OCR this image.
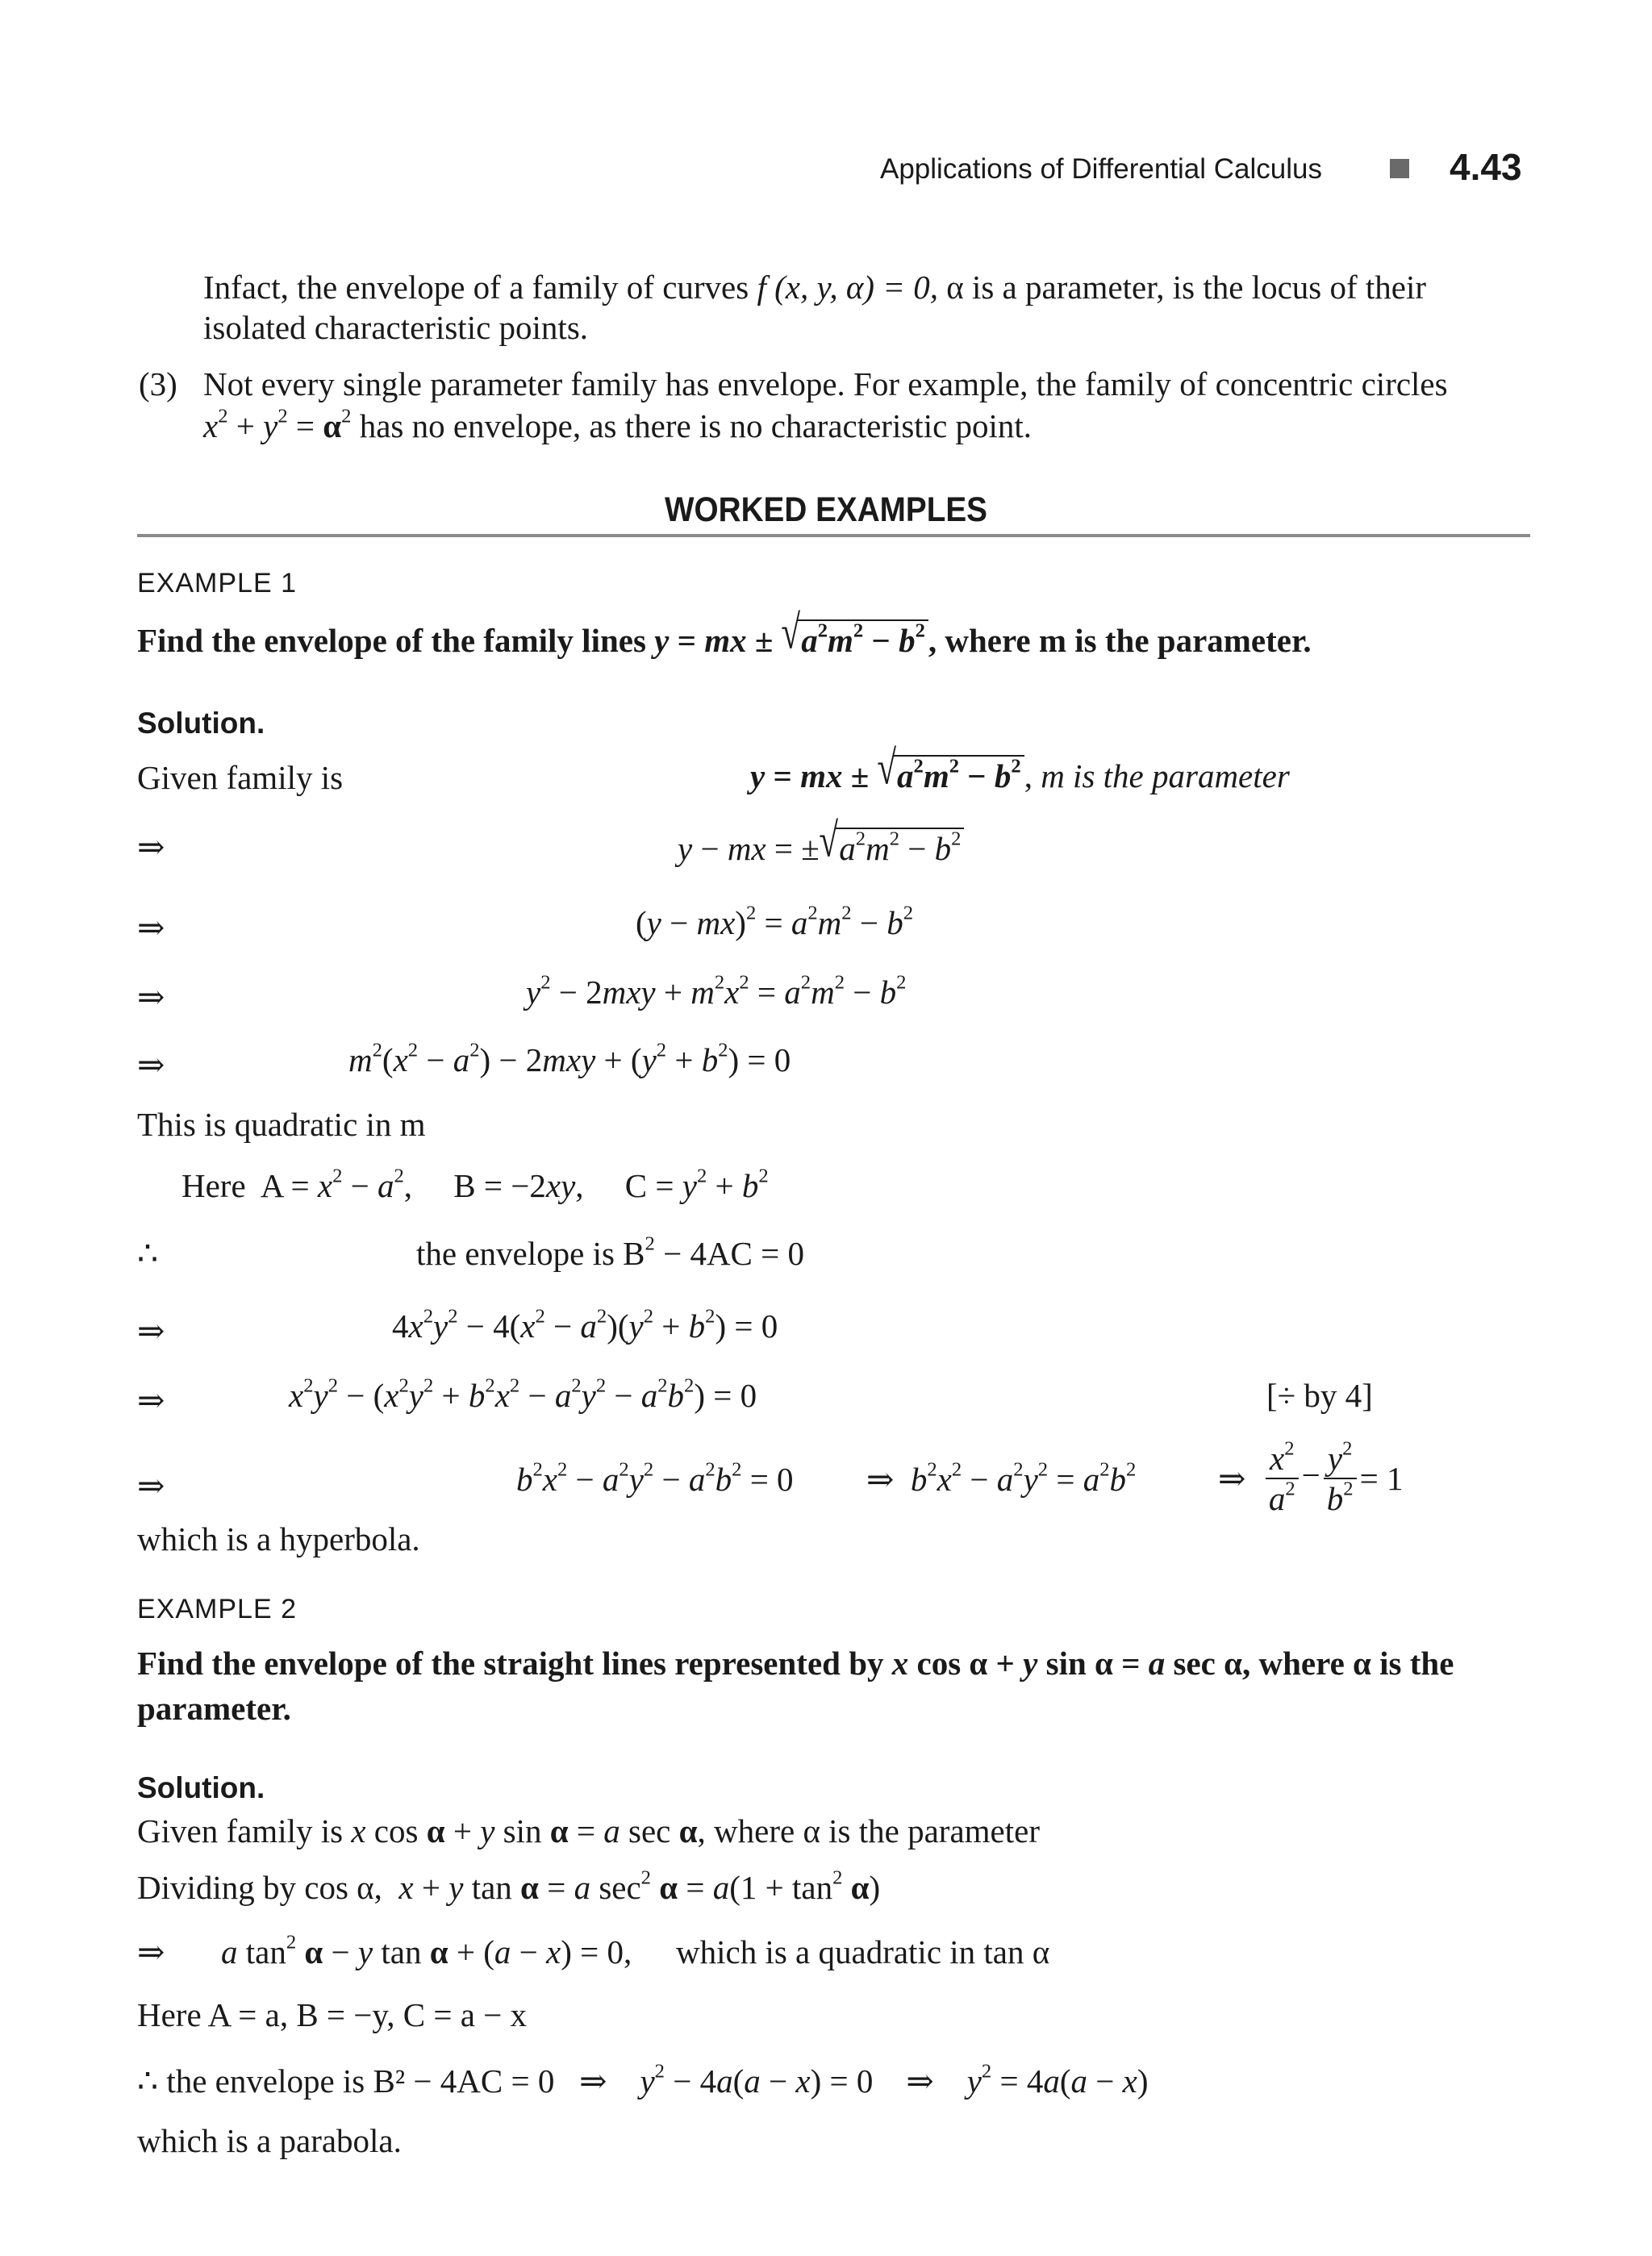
Applications of Differential Calculus	4.43
Infact, the envelope of a family of curves f (x, y, α) = 0, α is a parameter, is the locus of their
isolated characteristic points.
(3) Not every single parameter family has envelope. For example, the family of concentric circles
$x^2 + y^2 = \alpha^2$ has no envelope, as there is no characteristic point.
WORKED EXAMPLES
EXAMPLE 1
Find the envelope of the family lines y = mx ± $√a^2m^2 - b^2$, where m is the parameter.
Solution.
Given family is	y = mx ± $√a^2m^2 - b^2$, m is the parameter
⇒	y − mx = $\pm√a^2m^2 - b^2$
⇒	$(y - mx)^2 = a^2m^2 - b^2$
⇒	$y^2 - 2mxy + m^2x^2 = a^2m^2 - b^2$
⇒	$m^2(x^2 - a^2) - 2mxy + (y^2 + b^2) = 0$
This is quadratic in m
Here  $A = x^2 - a^2$,     B = −2xy,     $C = y^2 + b^2$
∴	the envelope is $B^2 - 4AC = 0$
⇒	$4x^2y^2 - 4(x^2 - a^2)(y^2 + b^2) = 0$
⇒	$x^2y^2 - (x^2y^2 + b^2x^2 - a^2y^2 - a^2b^2) = 0$	[÷ by 4]
⇒	$b^2x^2 - a^2y^2 - a^2b^2 = 0$ ⇒  $b^2x^2 - a^2y^2 = a^2b^2$ ⇒ $\frac{x^2}{a^2} - \frac{y^2}{b^2} = 1$
which is a hyperbola.
EXAMPLE 2
Find the envelope of the straight lines represented by x cos α + y sin α = a sec α, where α is the
parameter.
Solution.
Given family is x cos α + y sin α = a sec α, where α is the parameter
Dividing by cos α, x + y tan α = a $\sec^2 \alpha = a(1 + \tan^2 \alpha)$
⇒ a $\tan^2 \alpha - y$ tan α + (a − x) = 0, which is a quadratic in tan α
Here A = a, B = −y, C = a − x
∴ the envelope is B² − 4AC = 0   ⇒    $y^2 - 4a(a - x) = 0$    ⇒    $y^2 = 4a(a - x)$
which is a parabola.
